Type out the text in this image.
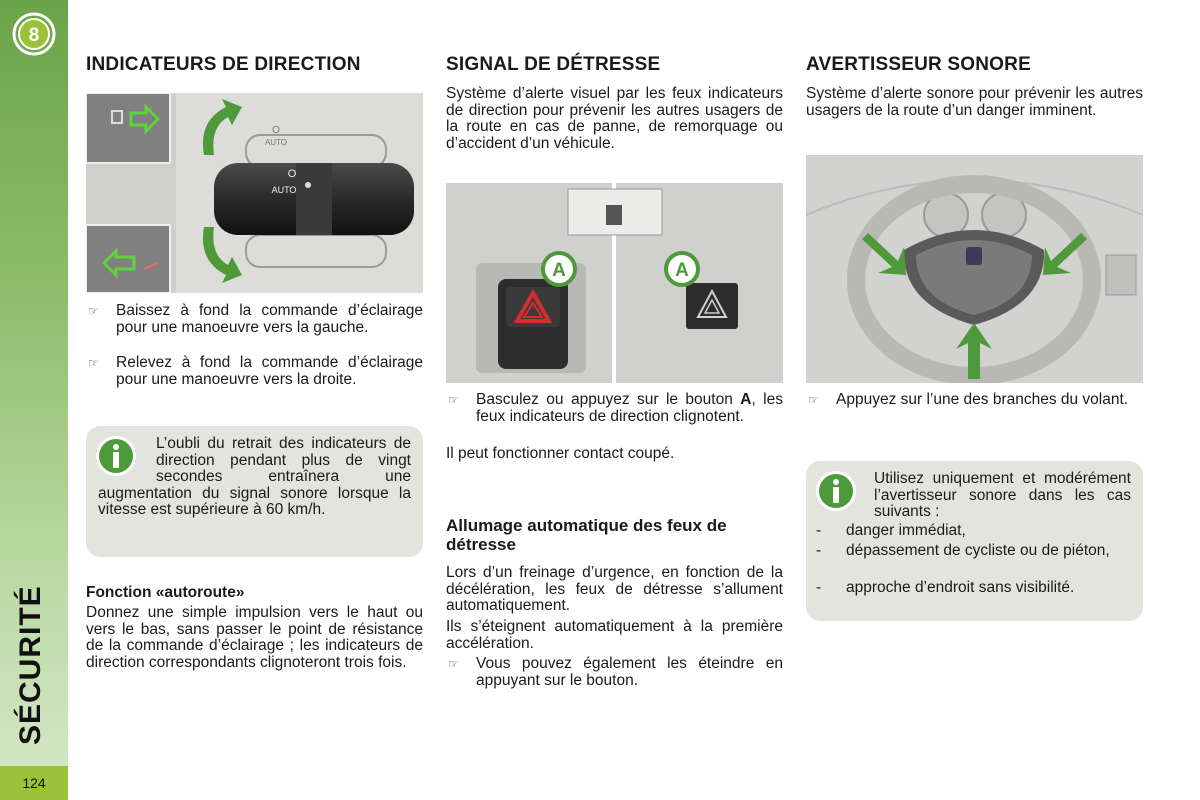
8
SÉCURITÉ
124
INDICATEURS DE DIRECTION
O
AUTO
O
AUTO
☞ Baissez à fond la commande d’éclairage pour une manoeuvre vers la gauche.
☞ Relevez à fond la commande d’éclairage pour une manoeuvre vers la droite.

L’oubli du retrait des indicateurs de direction pendant plus de vingt secondes entraînera une augmentation du signal sonore lorsque la vitesse est supérieure à 60 km/h.

Fonction «autoroute»

Donnez une simple impulsion vers le haut ou vers le bas, sans passer le point de résistance de la commande d’éclairage ; les indicateurs de direction correspondants clignoteront trois fois.

SIGNAL DE DÉTRESSE

Système d’alerte visuel par les feux indicateurs de direction pour prévenir les autres usagers de la route en cas de panne, de remorquage ou d’accident d’un véhicule.

A	A
☞ Basculez ou appuyez sur le bouton A, les feux indicateurs de direction clignotent.

Il peut fonctionner contact coupé.

Allumage automatique des feux de détresse

Lors d’un freinage d’urgence, en fonction de la décélération, les feux de détresse s’allument automatiquement.

Ils s’éteignent automatiquement à la première accélération.

☞ Vous pouvez également les éteindre en appuyant sur le bouton.
AVERTISSEUR SONORE

Système d’alerte sonore pour prévenir les autres usagers de la route d’un danger imminent.

☞ Appuyez sur l’une des branches du volant.

Utilisez uniquement et modérément l’avertisseur sonore dans les cas suivants :

- danger immédiat,
- dépassement de cycliste ou de piéton,
- approche d’endroit sans visibilité.
